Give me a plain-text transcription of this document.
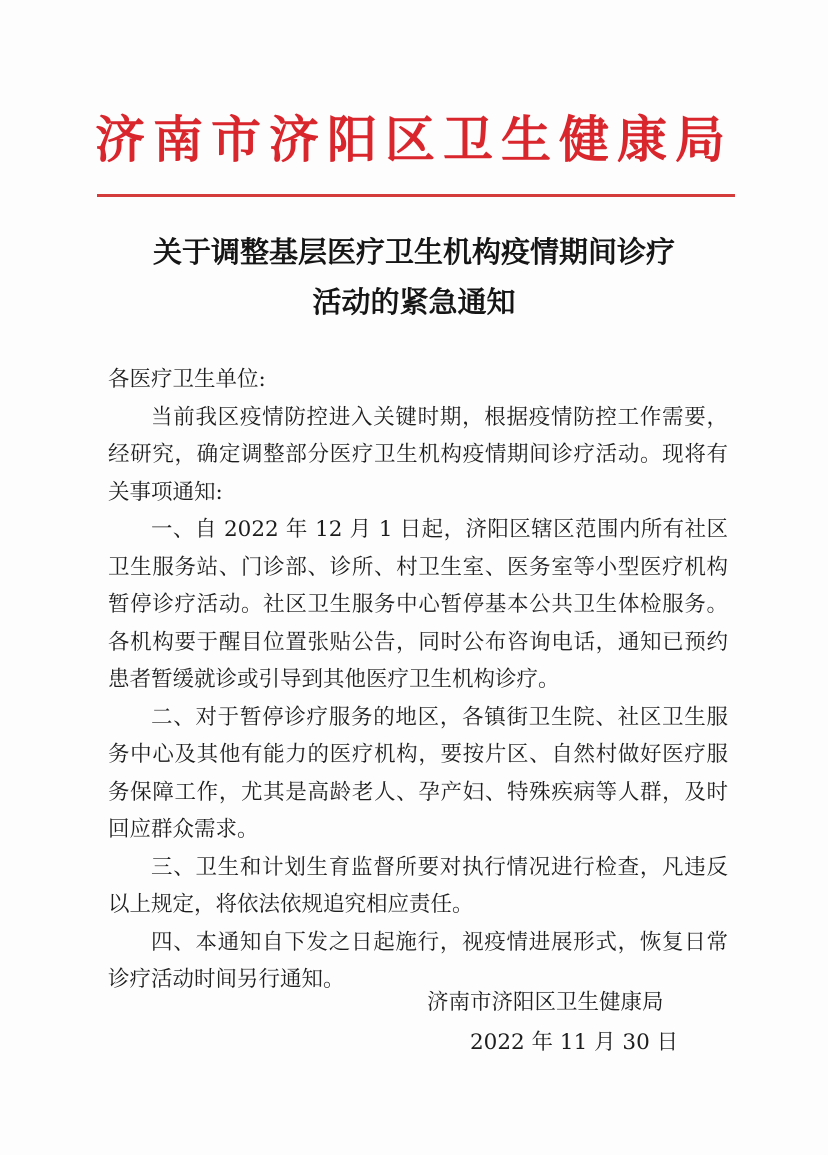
济南市济阳区卫生健康局
关于调整基层医疗卫生机构疫情期间诊疗
活动的紧急通知

各医疗卫生单位:

当前我区疫情防控进入关键时期，根据疫情防控工作需要，经研究，确定调整部分医疗卫生机构疫情期间诊疗活动。现将有关事项通知:

一、自 2022 年 12 月 1 日起，济阳区辖区范围内所有社区卫生服务站、门诊部、诊所、村卫生室、医务室等小型医疗机构暂停诊疗活动。社区卫生服务中心暂停基本公共卫生体检服务。各机构要于醒目位置张贴公告，同时公布咨询电话，通知已预约患者暂缓就诊或引导到其他医疗卫生机构诊疗。

二、对于暂停诊疗服务的地区，各镇街卫生院、社区卫生服务中心及其他有能力的医疗机构，要按片区、自然村做好医疗服务保障工作，尤其是高龄老人、孕产妇、特殊疾病等人群，及时回应群众需求。

三、卫生和计划生育监督所要对执行情况进行检查，凡违反以上规定，将依法依规追究相应责任。

四、本通知自下发之日起施行，视疫情进展形式，恢复日常诊疗活动时间另行通知。

济南市济阳区卫生健康局
2022 年 11 月 30 日
